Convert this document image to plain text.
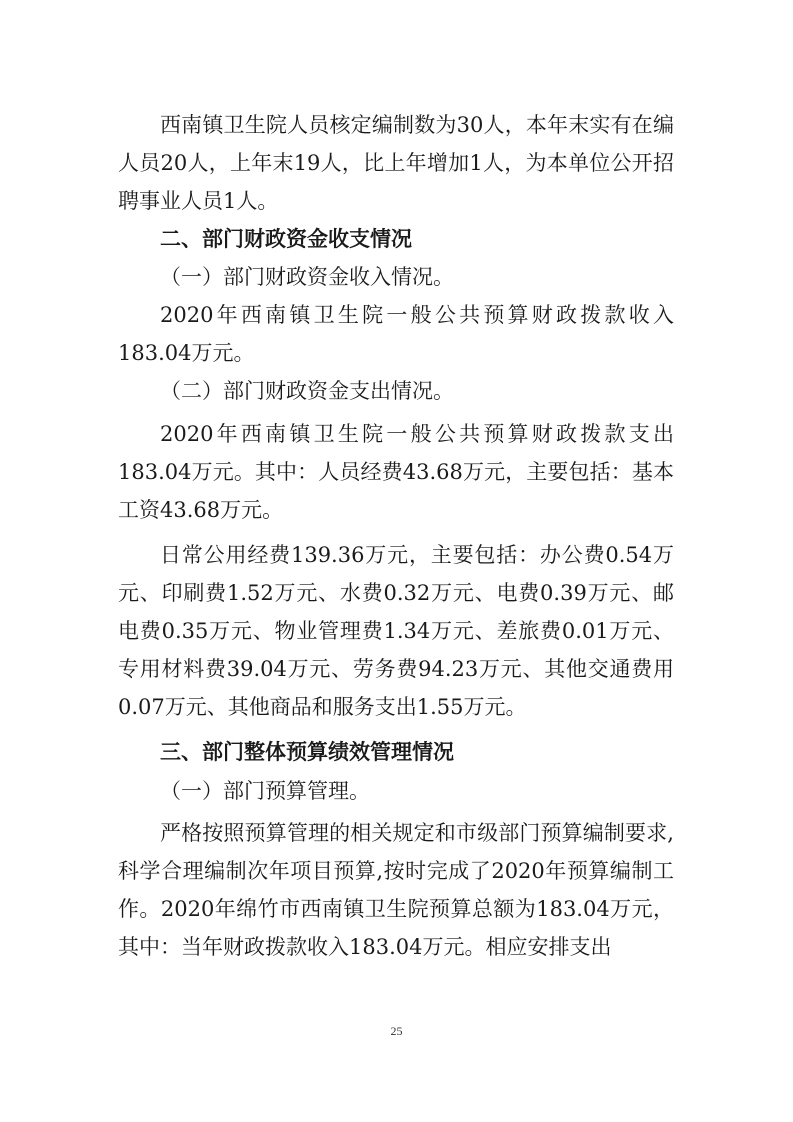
西南镇卫生院人员核定编制数为30人，本年末实有在编人员20人，上年末19人，比上年增加1人，为本单位公开招聘事业人员1人。

二、部门财政资金收支情况

（一）部门财政资金收入情况。

2020年西南镇卫生院一般公共预算财政拨款收入183.04万元。

（二）部门财政资金支出情况。

2020年西南镇卫生院一般公共预算财政拨款支出183.04万元。其中：人员经费43.68万元，主要包括：基本工资43.68万元。

日常公用经费139.36万元，主要包括：办公费0.54万元、印刷费1.52万元、水费0.32万元、电费0.39万元、邮电费0.35万元、物业管理费1.34万元、差旅费0.01万元、专用材料费39.04万元、劳务费94.23万元、其他交通费用0.07万元、其他商品和服务支出1.55万元。

三、部门整体预算绩效管理情况

（一）部门预算管理。

严格按照预算管理的相关规定和市级部门预算编制要求,科学合理编制次年项目预算,按时完成了2020年预算编制工作。2020年绵竹市西南镇卫生院预算总额为183.04万元，其中：当年财政拨款收入183.04万元。相应安排支出

25
